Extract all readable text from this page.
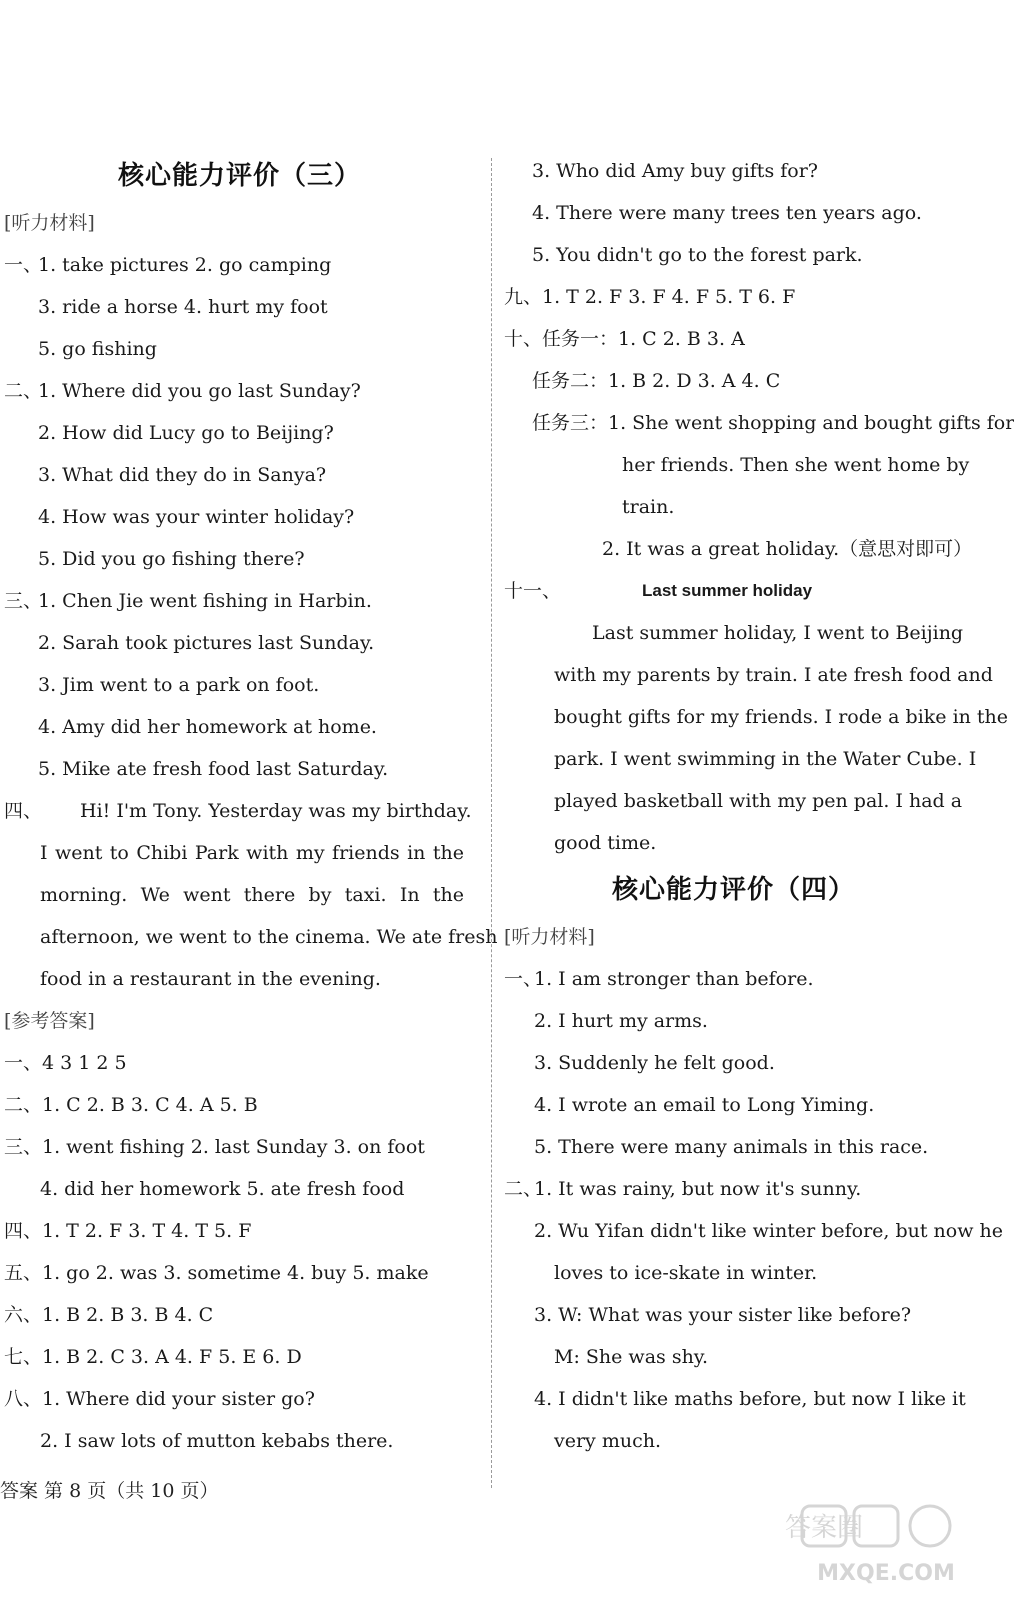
核心能力评价（三）
[听力材料]
一、
1. take pictures 2. go camping
3. ride a horse 4. hurt my foot
5. go fishing
二、
1. Where did you go last Sunday?
2. How did Lucy go to Beijing?
3. What did they do in Sanya?
4. How was your winter holiday?
5. Did you go fishing there?
三、
1. Chen Jie went fishing in Harbin.
2. Sarah took pictures last Sunday.
3. Jim went to a park on foot.
4. Amy did her homework at home.
5. Mike ate fresh food last Saturday.
四、 Hi! I'm Tony. Yesterday was my birthday.
I went to Chibi Park with my friends in the
morning. We went there by taxi. In the
afternoon, we went to the cinema. We ate fresh
food in a restaurant in the evening.
[参考答案]
一、4 3 1 2 5
二、1. C 2. B 3. C 4. A 5. B
三、1. went fishing 2. last Sunday 3. on foot
4. did her homework 5. ate fresh food
四、1. T 2. F 3. T 4. T 5. F
五、1. go 2. was 3. sometime 4. buy 5. make
六、1. B 2. B 3. B 4. C
七、1. B 2. C 3. A 4. F 5. E 6. D
八、1. Where did your sister go?
2. I saw lots of mutton kebabs there.
3. Who did Amy buy gifts for?
4. There were many trees ten years ago.
5. You didn't go to the forest park.
九、1. T 2. F 3. F 4. F 5. T 6. F
十、任务一：1. C 2. B 3. A
任务二：1. B 2. D 3. A 4. C
任务三：1. She went shopping and bought gifts for
her friends. Then she went home by
train.
2. It was a great holiday.（意思对即可）
十一、	Last summer holiday
Last summer holiday, I went to Beijing
with my parents by train. I ate fresh food and
bought gifts for my friends. I rode a bike in the
park. I went swimming in the Water Cube. I
played basketball with my pen pal. I had a
good time.
核心能力评价（四）
[听力材料]
一、
1. I am stronger than before.
2. I hurt my arms.
3. Suddenly he felt good.
4. I wrote an email to Long Yiming.
5. There were many animals in this race.
二、
1. It was rainy, but now it's sunny.
2. Wu Yifan didn't like winter before, but now he
loves to ice-skate in winter.
3. W: What was your sister like before?
M: She was shy.
4. I didn't like maths before, but now I like it
very much.
答案 第 8 页（共 10 页）
答案圈
MXQE.COM
